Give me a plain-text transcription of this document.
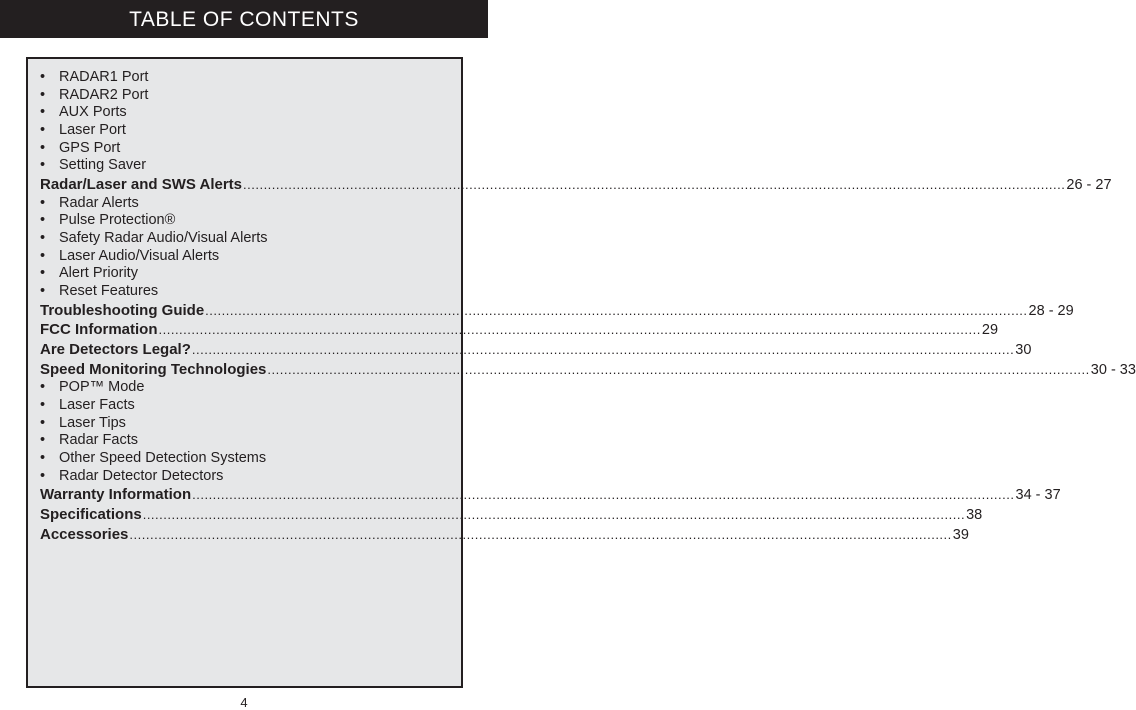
TABLE OF CONTENTS
• RADAR1 Port
• RADAR2 Port
• AUX Ports
• Laser Port
• GPS Port
• Setting Saver
Radar/Laser and SWS Alerts ........................................................................................................................................................................................................ 26 - 27
• Radar Alerts
• Pulse Protection®
• Safety Radar Audio/Visual Alerts
• Laser Audio/Visual Alerts
• Alert Priority
• Reset Features
Troubleshooting Guide ........................................................................................................................................................................................................ 28 - 29
FCC Information ........................................................................................................................................................................................................ 29
Are Detectors Legal? ........................................................................................................................................................................................................ 30
Speed Monitoring Technologies ........................................................................................................................................................................................................ 30 - 33
• POP™ Mode
• Laser Facts
• Laser Tips
• Radar Facts
• Other Speed Detection Systems
• Radar Detector Detectors
Warranty Information ........................................................................................................................................................................................................ 34 - 37
Specifications ........................................................................................................................................................................................................ 38
Accessories ........................................................................................................................................................................................................ 39
4
